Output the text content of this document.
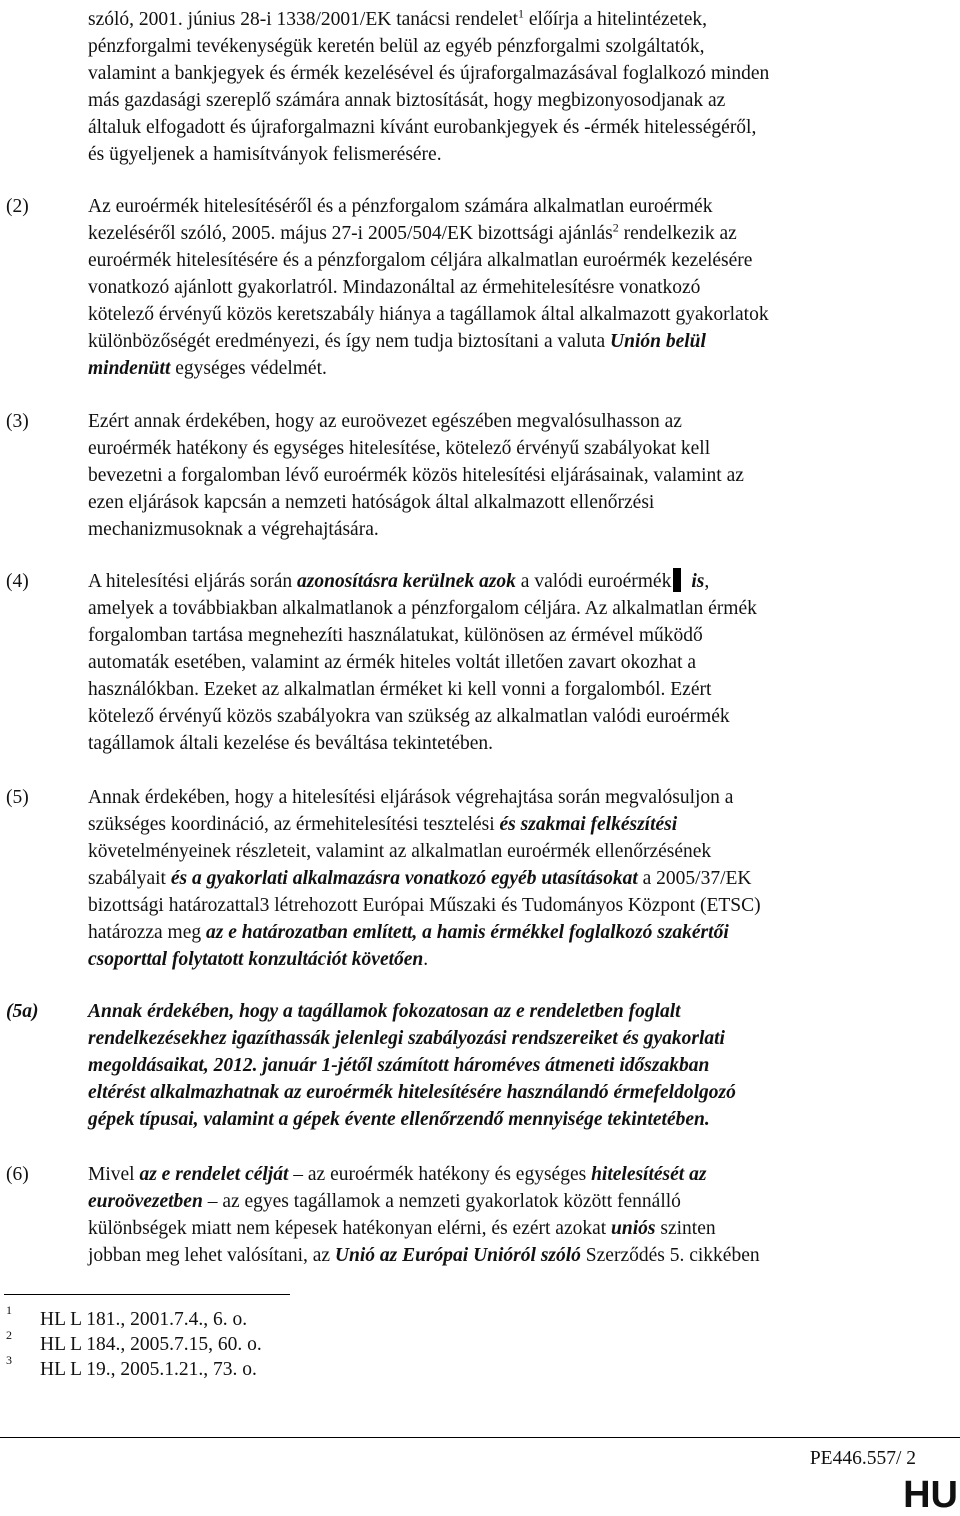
szóló, 2001. június 28-i 1338/2001/EK tanácsi rendelet$^1$ előírja a hitelintézetek,
pénzforgalmi tevékenységük keretén belül az egyéb pénzforgalmi szolgáltatók,
valamint a bankjegyek és érmék kezelésével és újraforgalmazásával foglalkozó minden
más gazdasági szereplő számára annak biztosítását, hogy megbizonyosodjanak az
általuk elfogadott és újraforgalmazni kívánt eurobankjegyek és -érmék hitelességéről,
és ügyeljenek a hamisítványok felismerésére.
(2)	Az euroérmék hitelesítéséről és a pénzforgalom számára alkalmatlan euroérmék
kezeléséről szóló, 2005. május 27-i 2005/504/EK bizottsági ajánlás$^2$ rendelkezik az
euroérmék hitelesítésére és a pénzforgalom céljára alkalmatlan euroérmék kezelésére
vonatkozó ajánlott gyakorlatról. Mindazonáltal az érmehitelesítésre vonatkozó
kötelező érvényű közös keretszabály hiánya a tagállamok által alkalmazott gyakorlatok
különbözőségét eredményezi, és így nem tudja biztosítani a valuta Unión belül
mindenütt egységes védelmét.
(3)	Ezért annak érdekében, hogy az euroövezet egészében megvalósulhasson az
euroérmék hatékony és egységes hitelesítése, kötelező érvényű szabályokat kell
bevezetni a forgalomban lévő euroérmék közös hitelesítési eljárásainak, valamint az
ezen eljárások kapcsán a nemzeti hatóságok által alkalmazott ellenőrzési
mechanizmusoknak a végrehajtására.
(4)	A hitelesítési eljárás során azonosításra kerülnek azok a valódi euroérmék is,
amelyek a továbbiakban alkalmatlanok a pénzforgalom céljára. Az alkalmatlan érmék
forgalomban tartása megnehezíti használatukat, különösen az érmével működő
automaták esetében, valamint az érmék hiteles voltát illetően zavart okozhat a
használókban. Ezeket az alkalmatlan érméket ki kell vonni a forgalomból. Ezért
kötelező érvényű közös szabályokra van szükség az alkalmatlan valódi euroérmék
tagállamok általi kezelése és beváltása tekintetében.
(5)	Annak érdekében, hogy a hitelesítési eljárások végrehajtása során megvalósuljon a
szükséges koordináció, az érmehitelesítési tesztelési és szakmai felkészítési
követelményeinek részleteit, valamint az alkalmatlan euroérmék ellenőrzésének
szabályait és a gyakorlati alkalmazásra vonatkozó egyéb utasításokat a 2005/37/EK
bizottsági határozattal3 létrehozott Európai Műszaki és Tudományos Központ (ETSC)
határozza meg az e határozatban említett, a hamis érmékkel foglalkozó szakértői
csoporttal folytatott konzultációt követően.
(5a)	Annak érdekében, hogy a tagállamok fokozatosan az e rendeletben foglalt
rendelkezésekhez igazíthassák jelenlegi szabályozási rendszereiket és gyakorlati
megoldásaikat, 2012. január 1-jétől számított hároméves átmeneti időszakban
eltérést alkalmazhatnak az euroérmék hitelesítésére használandó érmefeldolgozó
gépek típusai, valamint a gépek évente ellenőrzendő mennyisége tekintetében.
(6)	Mivel az e rendelet célját – az euroérmék hatékony és egységes hitelesítését az
euroövezetben – az egyes tagállamok a nemzeti gyakorlatok között fennálló
különbségek miatt nem képesek hatékonyan elérni, és ezért azokat uniós szinten
jobban meg lehet valósítani, az Unió az Európai Unióról szóló Szerződés 5. cikkében
1 HL L 181., 2001.7.4., 6. o.
2 HL L 184., 2005.7.15, 60. o.
3 HL L 19., 2005.1.21., 73. o.
PE446.557/ 2
HU
